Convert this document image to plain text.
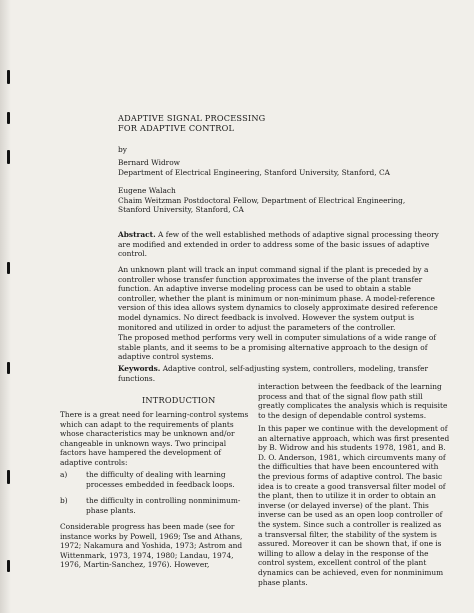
ADAPTIVE SIGNAL PROCESSING
FOR ADAPTIVE CONTROL
by
Bernard Widrow
Department of Electrical Engineering, Stanford University, Stanford, CA
Eugene Walach
Chaim Weitzman Postdoctoral Fellow, Department of Electrical Engineering,
Stanford University, Stanford, CA
Abstract. A few of the well established methods of adaptive signal processing theory
are modified and extended in order to address some of the basic issues of adaptive
control.
An unknown plant will track an input command signal if the plant is preceded by a
controller whose transfer function approximates the inverse of the plant transfer
function. An adaptive inverse modeling process can be used to obtain a stable
controller, whether the plant is minimum or non-minimum phase. A model-reference
version of this idea allows system dynamics to closely approximate desired reference
model dynamics. No direct feedback is involved. However the system output is
monitored and utilized in order to adjust the parameters of the controller.
The proposed method performs very well in computer simulations of a wide range of
stable plants, and it seems to be a promising alternative approach to the design of
adaptive control systems.
Keywords. Adaptive control, self-adjusting system, controllers, modeling, transfer
functions.
INTRODUCTION
There is a great need for learning-control systems
which can adapt to the requirements of plants
whose characteristics may be unknown and/or
changeable in unknown ways. Two principal
factors have hampered the development of
adaptive controls:
a)	the difficulty of dealing with learning
processes embedded in feedback loops.
b) the difficulty in controlling nonminimum-
phase plants.
Considerable progress has been made (see for
instance works by Powell, 1969; Tse and Athans,
1972; Nakamura and Yoshida, 1973; Astrom and
Wittenmark, 1973, 1974, 1980; Landau, 1974,
1976, Martin-Sanchez, 1976). However,
interaction between the feedback of the learning
process and that of the signal flow path still
greatly complicates the analysis which is requisite
to the design of dependable control systems.
In this paper we continue with the development of
an alternative approach, which was first presented
by B. Widrow and his students 1978, 1981, and B.
D. O. Anderson, 1981, which circumvents many of
the difficulties that have been encountered with
the previous forms of adaptive control. The basic
idea is to create a good transversal filter model of
the plant, then to utilize it in order to obtain an
inverse (or delayed inverse) of the plant. This
inverse can be used as an open loop controller of
the system. Since such a controller is realized as
a transversal filter, the stability of the system is
assured. Moreover it can be shown that, if one is
willing to allow a delay in the response of the
control system, excellent control of the plant
dynamics can be achieved, even for nonminimum
phase plants.
